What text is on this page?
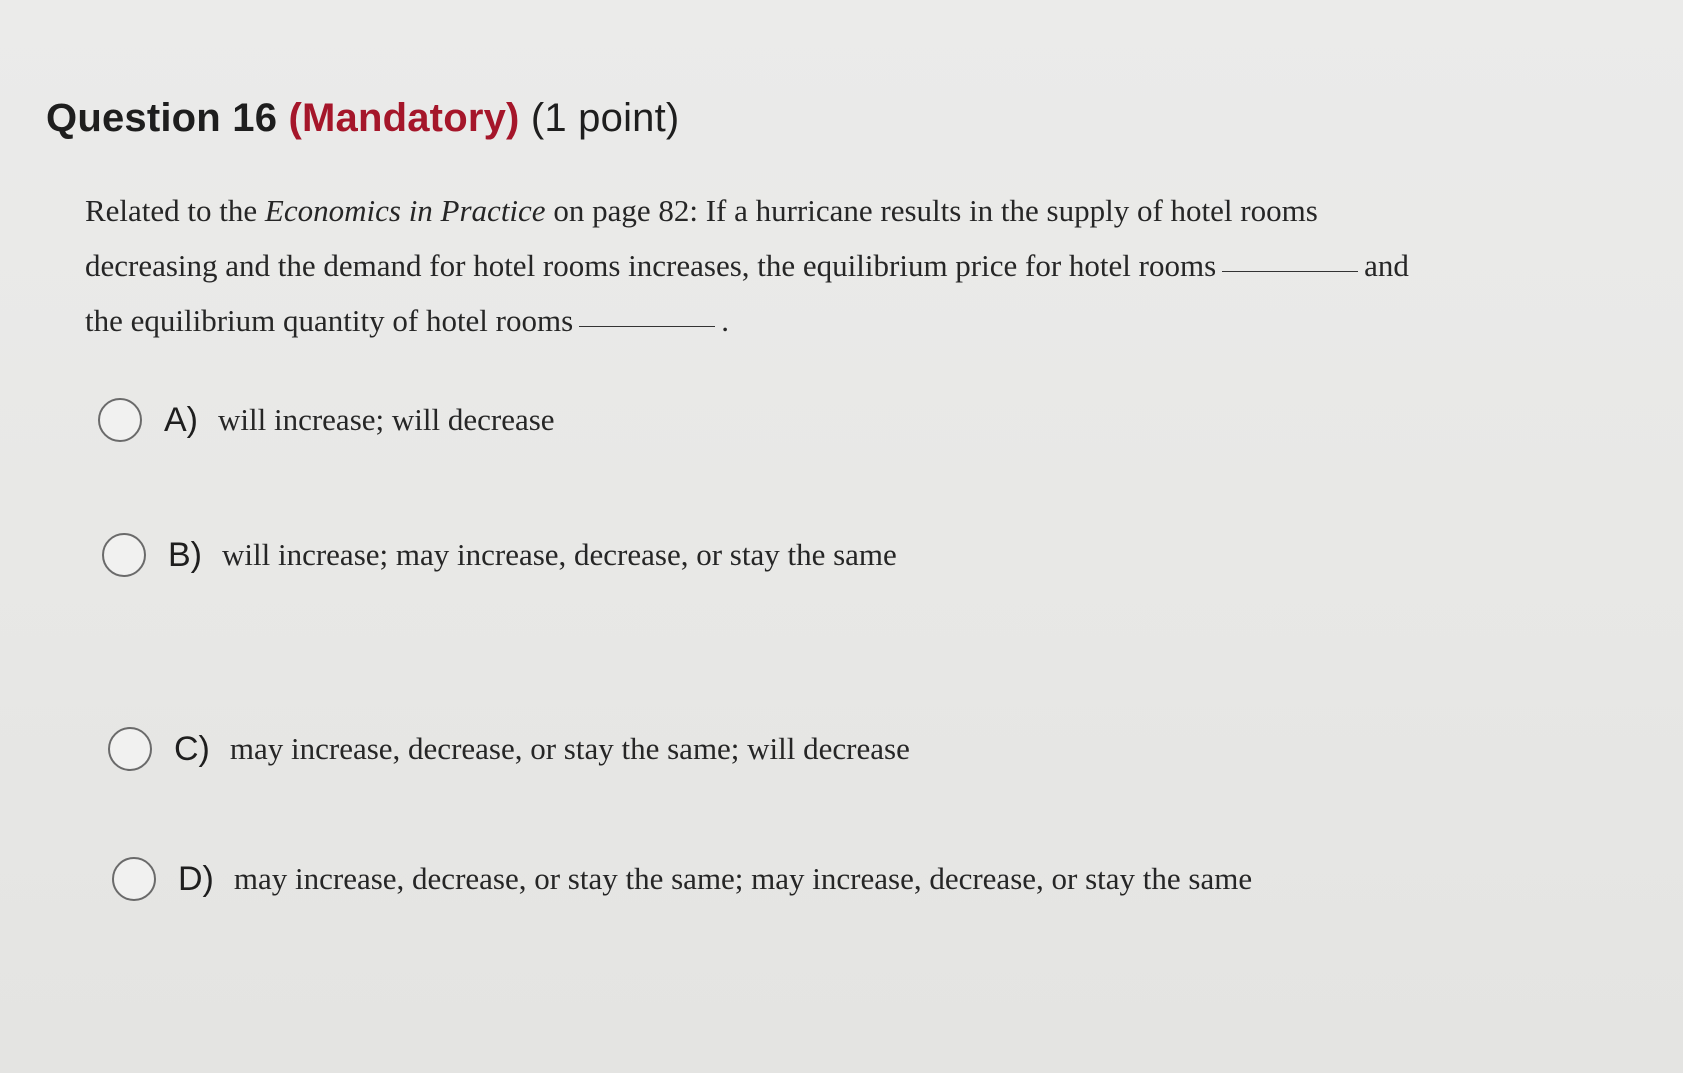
Question 16 (Mandatory) (1 point)
Related to the Economics in Practice on page 82: If a hurricane results in the supply of hotel rooms
decreasing and the demand for hotel rooms increases, the equilibrium price for hotel rooms	and
the equilibrium quantity of hotel rooms	.
A) will increase; will decrease
B) will increase; may increase, decrease, or stay the same
C) may increase, decrease, or stay the same; will decrease
D) may increase, decrease, or stay the same; may increase, decrease, or stay the same
